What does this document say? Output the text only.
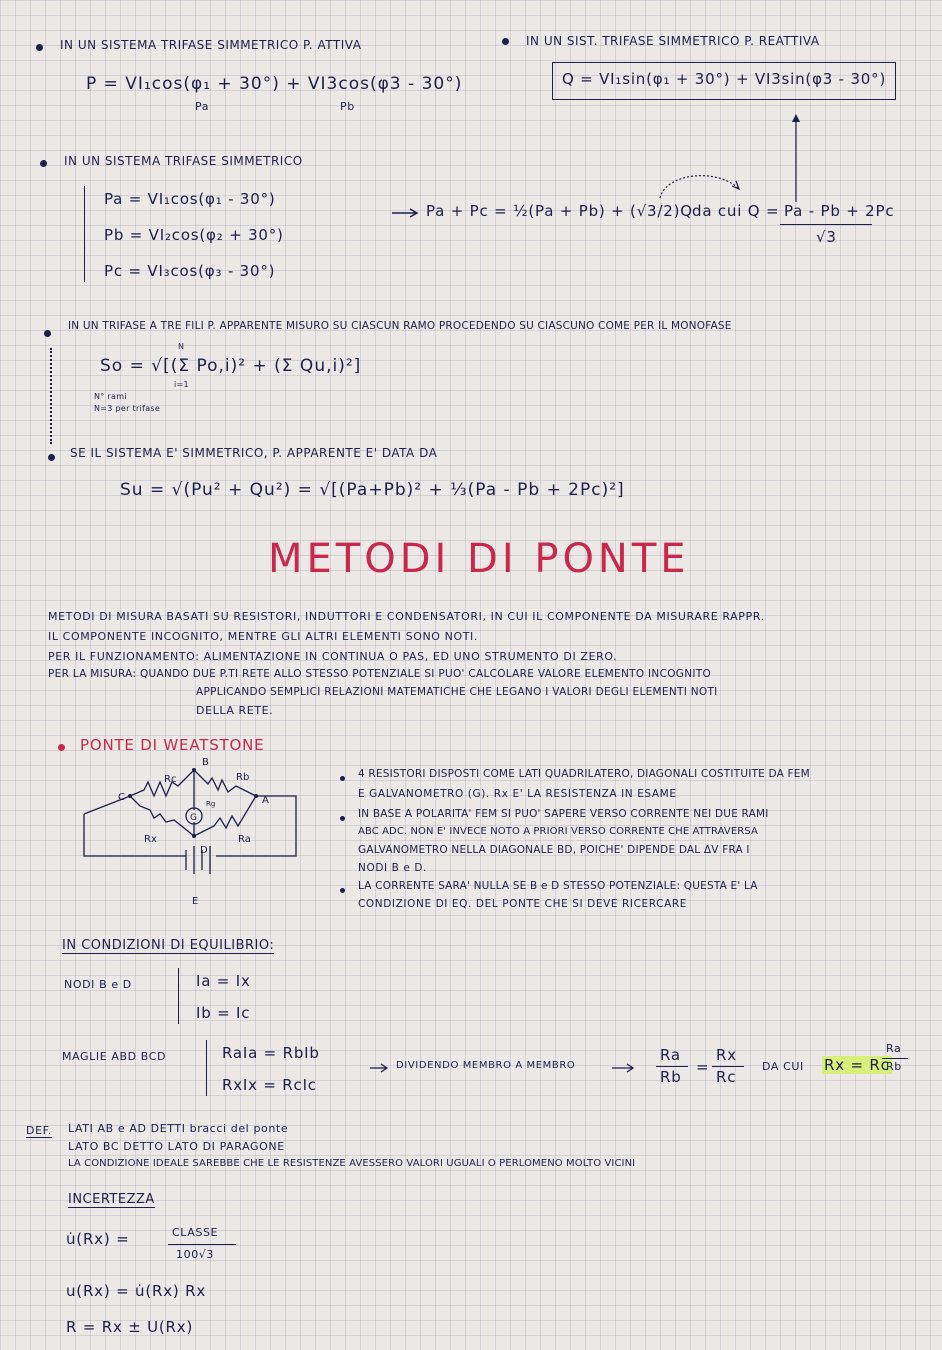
IN UN SISTEMA TRIFASE SIMMETRICO P. ATTIVA
P = VI₁cos(φ₁ + 30°) + VI3cos(φ3 - 30°)
Pa	Pb
IN UN SIST. TRIFASE SIMMETRICO P. REATTIVA
Q = VI₁sin(φ₁ + 30°) + VI3sin(φ3 - 30°)
IN UN SISTEMA TRIFASE SIMMETRICO
Pa = VI₁cos(φ₁ - 30°)
Pb = VI₂cos(φ₂ + 30°)
Pc = VI₃cos(φ₃ - 30°)
Pa + Pc = ½(Pa + Pb) + (√3/2)Q da cui Q = Pa - Pb + 2Pc
√3
IN UN TRIFASE A TRE FILI P. APPARENTE MISURO SU CIASCUN RAMO PROCEDENDO SU CIASCUNO COME PER IL MONOFASE
So = √[(Σ Po,i)² + (Σ Qu,i)²]
N
i=1
N° rami
N=3 per trifase
SE IL SISTEMA E' SIMMETRICO, P. APPARENTE E' DATA DA
Su = √(Pu² + Qu²) = √[(Pa+Pb)² + ⅓(Pa - Pb + 2Pc)²]
METODI DI PONTE
METODI DI MISURA BASATI SU RESISTORI, INDUTTORI E CONDENSATORI, IN CUI IL COMPONENTE DA MISURARE RAPPR.
IL COMPONENTE INCOGNITO, MENTRE GLI ALTRI ELEMENTI SONO NOTI.
PER IL FUNZIONAMENTO: ALIMENTAZIONE IN CONTINUA O PAS, ED UNO STRUMENTO DI ZERO.
PER LA MISURA: QUANDO DUE P.TI RETE ALLO STESSO POTENZIALE SI PUO' CALCOLARE VALORE ELEMENTO INCOGNITO
APPLICANDO SEMPLICI RELAZIONI MATEMATICHE CHE LEGANO I VALORI DEGLI ELEMENTI NOTI
DELLA RETE.
PONTE DI WEATSTONE
B
C	A
D
E
Rc	Rb
Rx	Ra
G
Rg
4 RESISTORI DISPOSTI COME LATI QUADRILATERO, DIAGONALI COSTITUITE DA FEM
E GALVANOMETRO (G). Rx E' LA RESISTENZA IN ESAME
IN BASE A POLARITA' FEM SI PUO' SAPERE VERSO CORRENTE NEI DUE RAMI
ABC ADC. NON E' INVECE NOTO A PRIORI VERSO CORRENTE CHE ATTRAVERSA
GALVANOMETRO NELLA DIAGONALE BD, POICHE' DIPENDE DAL ΔV FRA I
NODI B e D.
LA CORRENTE SARA' NULLA SE B e D STESSO POTENZIALE: QUESTA E' LA
CONDIZIONE DI EQ. DEL PONTE CHE SI DEVE RICERCARE
IN CONDIZIONI DI EQUILIBRIO:
NODI B e D	Ia = Ix
Ib = Ic
MAGLIE ABD BCD	RaIa = RbIb
RxIx = RcIc
DIVIDENDO MEMBRO A MEMBRO
Ra
Rb
=
Rx
Rc
DA CUI Rx = Rc
Ra
Rb
DEF. LATI AB e AD DETTI bracci del ponte
LATO BC DETTO LATO DI PARAGONE
LA CONDIZIONE IDEALE SAREBBE CHE LE RESISTENZE AVESSERO VALORI UGUALI O PERLOMENO MOLTO VICINI
INCERTEZZA
u̇(Rx) =	CLASSE
100√3
u(Rx) = u̇(Rx) Rx
R = Rx ± U(Rx)
